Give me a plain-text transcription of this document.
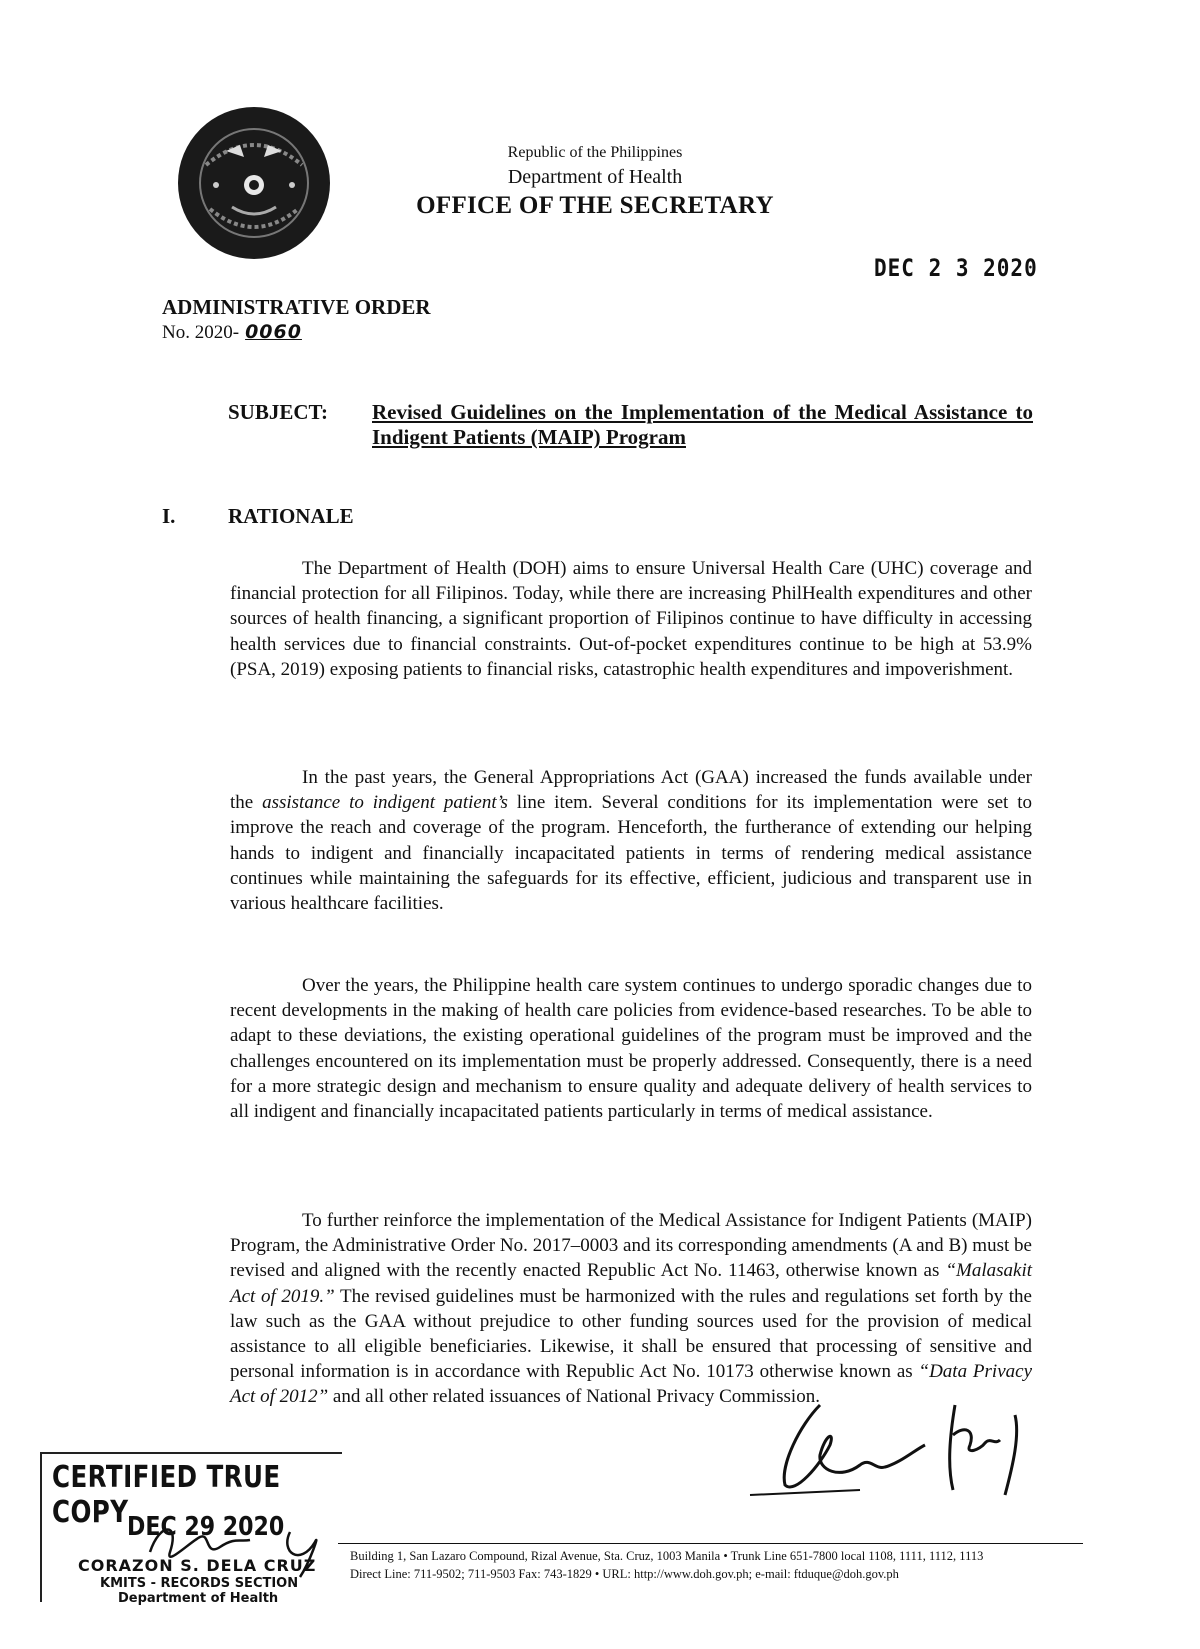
Republic of the Philippines
Department of Health
OFFICE OF THE SECRETARY
DEC 2 3 2020
ADMINISTRATIVE ORDER
No. 2020- 0060
SUBJECT: Revised Guidelines on the Implementation of the Medical Assistance to Indigent Patients (MAIP) Program
I.	RATIONALE

The Department of Health (DOH) aims to ensure Universal Health Care (UHC) coverage and financial protection for all Filipinos. Today, while there are increasing PhilHealth expenditures and other sources of health financing, a significant proportion of Filipinos continue to have difficulty in accessing health services due to financial constraints. Out-of-pocket expenditures continue to be high at 53.9% (PSA, 2019) exposing patients to financial risks, catastrophic health expenditures and impoverishment.

In the past years, the General Appropriations Act (GAA) increased the funds available under the assistance to indigent patient’s line item. Several conditions for its implementation were set to improve the reach and coverage of the program. Henceforth, the furtherance of extending our helping hands to indigent and financially incapacitated patients in terms of rendering medical assistance continues while maintaining the safeguards for its effective, efficient, judicious and transparent use in various healthcare facilities.

Over the years, the Philippine health care system continues to undergo sporadic changes due to recent developments in the making of health care policies from evidence-based researches. To be able to adapt to these deviations, the existing operational guidelines of the program must be improved and the challenges encountered on its implementation must be properly addressed. Consequently, there is a need for a more strategic design and mechanism to ensure quality and adequate delivery of health services to all indigent and financially incapacitated patients particularly in terms of medical assistance.

To further reinforce the implementation of the Medical Assistance for Indigent Patients (MAIP) Program, the Administrative Order No. 2017–0003 and its corresponding amendments (A and B) must be revised and aligned with the recently enacted Republic Act No. 11463, otherwise known as “Malasakit Act of 2019.” The revised guidelines must be harmonized with the rules and regulations set forth by the law such as the GAA without prejudice to other funding sources used for the provision of medical assistance to all eligible beneficiaries. Likewise, it shall be ensured that processing of sensitive and personal information is in accordance with Republic Act No. 10173 otherwise known as “Data Privacy Act of 2012” and all other related issuances of National Privacy Commission.

CERTIFIED TRUE COPY
DEC 29 2020
CORAZON S. DELA CRUZ
KMITS - RECORDS SECTION
Department of Health
Building 1, San Lazaro Compound, Rizal Avenue, Sta. Cruz, 1003 Manila • Trunk Line 651-7800 local 1108, 1111, 1112, 1113
Direct Line: 711-9502; 711-9503 Fax: 743-1829 • URL: http://www.doh.gov.ph; e-mail: ftduque@doh.gov.ph
